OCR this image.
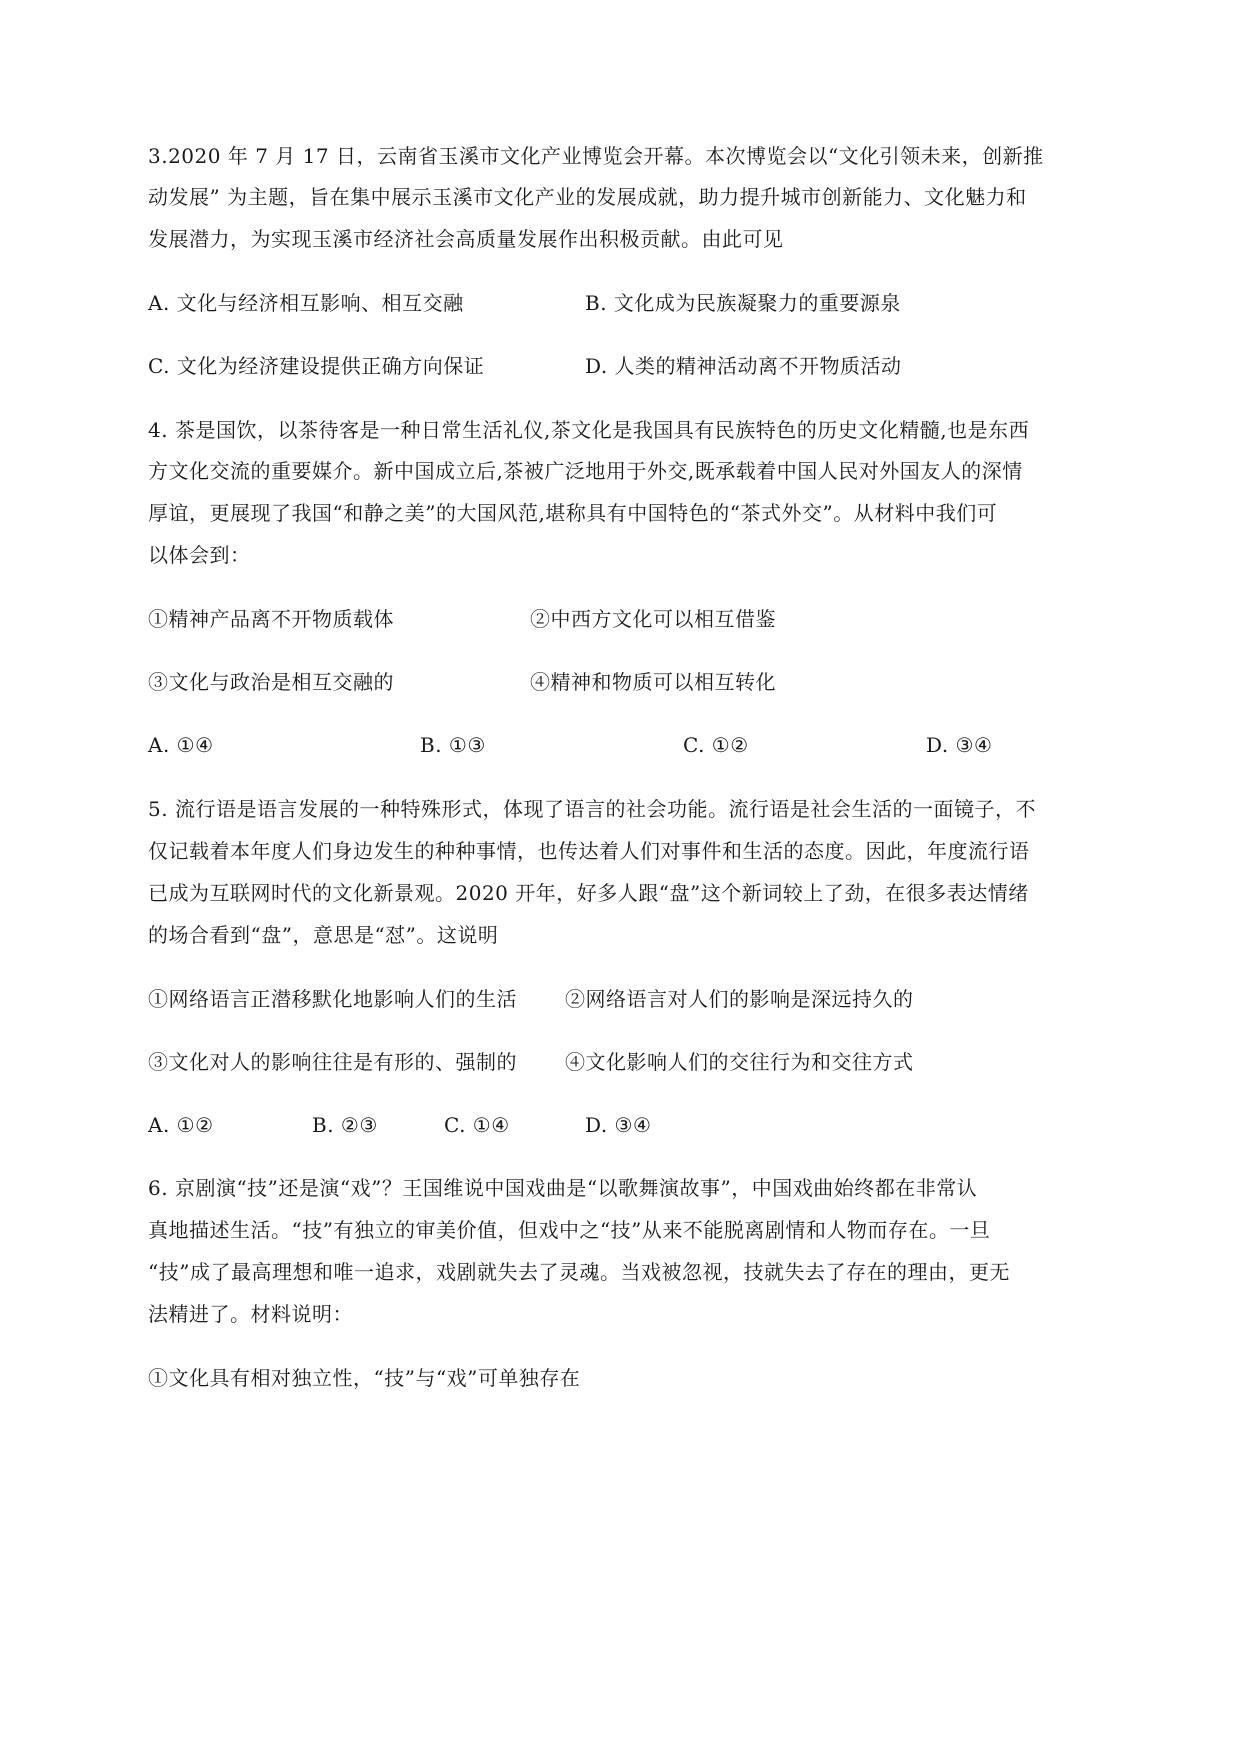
3.2020 年 7 月 17 日，云南省玉溪市文化产业博览会开幕。本次博览会以“文化引领未来，创新推
动发展” 为主题，旨在集中展示玉溪市文化产业的发展成就，助力提升城市创新能力、文化魅力和
发展潜力，为实现玉溪市经济社会高质量发展作出积极贡献。由此可见
A. 文化与经济相互影响、相互交融	B. 文化成为民族凝聚力的重要源泉
C. 文化为经济建设提供正确方向保证	D. 人类的精神活动离不开物质活动
4. 茶是国饮，以茶待客是一种日常生活礼仪,茶文化是我国具有民族特色的历史文化精髓,也是东西
方文化交流的重要媒介。新中国成立后,茶被广泛地用于外交,既承载着中国人民对外国友人的深情
厚谊，更展现了我国“和静之美”的大国风范,堪称具有中国特色的“茶式外交”。从材料中我们可
以体会到：
①精神产品离不开物质载体	②中西方文化可以相互借鉴
③文化与政治是相互交融的	④精神和物质可以相互转化
A. ①④	B. ①③	C. ①②	D. ③④
5. 流行语是语言发展的一种特殊形式，体现了语言的社会功能。流行语是社会生活的一面镜子，不
仅记载着本年度人们身边发生的种种事情，也传达着人们对事件和生活的态度。因此，年度流行语
已成为互联网时代的文化新景观。2020 开年，好多人跟“盘”这个新词较上了劲，在很多表达情绪
的场合看到“盘”，意思是“怼”。这说明
①网络语言正潜移默化地影响人们的生活 ②网络语言对人们的影响是深远持久的
③文化对人的影响往往是有形的、强制的 ④文化影响人们的交往行为和交往方式
A. ①②	B. ②③	C. ①④	D. ③④
6. 京剧演“技”还是演“戏”？王国维说中国戏曲是“以歌舞演故事”，中国戏曲始终都在非常认
真地描述生活。“技”有独立的审美价值，但戏中之“技”从来不能脱离剧情和人物而存在。一旦
“技”成了最高理想和唯一追求，戏剧就失去了灵魂。当戏被忽视，技就失去了存在的理由，更无
法精进了。材料说明：
①文化具有相对独立性，“技”与“戏”可单独存在
